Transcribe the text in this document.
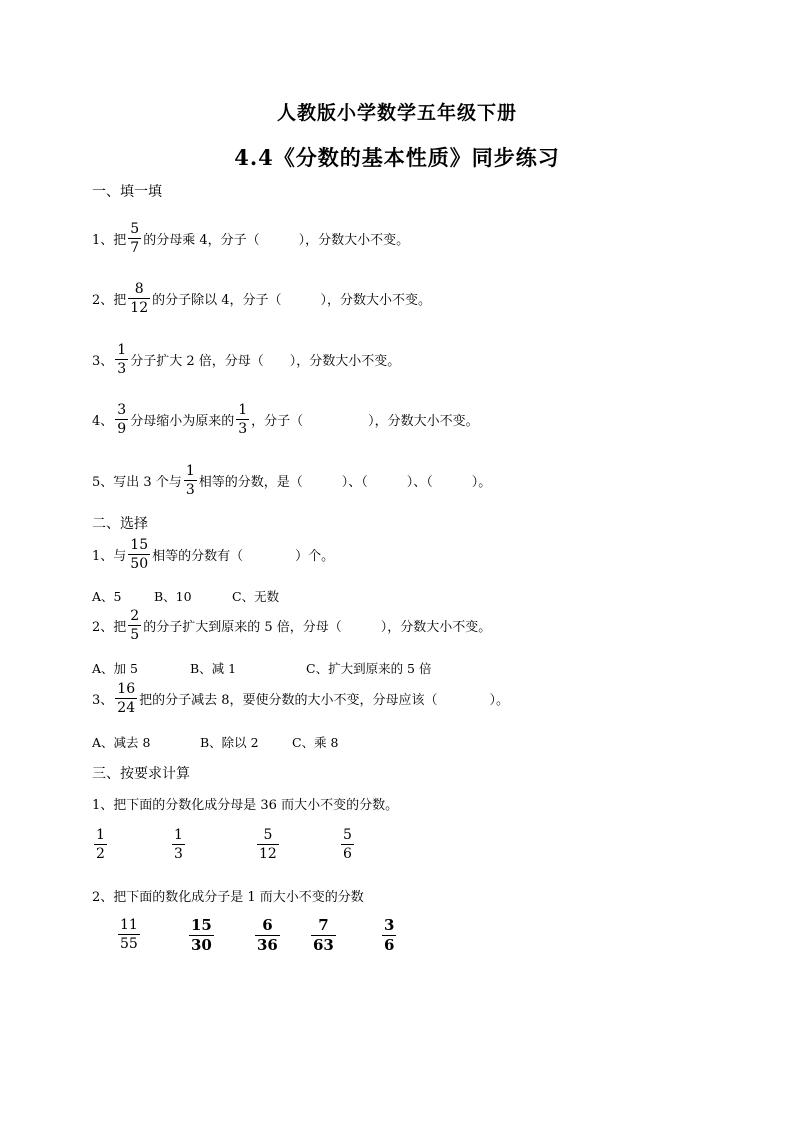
人教版小学数学五年级下册
4.4《分数的基本性质》同步练习
一、填一填
1、把 $\frac{5}{7}$ 的分母乘 4，分子（　　　），分数大小不变。
2、把 $\frac{8}{12}$ 的分子除以 4，分子（　　　），分数大小不变。
3、 $\frac{1}{3}$ 分子扩大 2 倍，分母（　　），分数大小不变。
4、 $\frac{3}{9}$ 分母缩小为原来的 $\frac{1}{3}$ ，分子（　　　　　），分数大小不变。
5、写出 3 个与 $\frac{1}{3}$ 相等的分数，是（　　　）、（　　　）、（　　　）。
二、选择
1、与 $\frac{15}{50}$ 相等的分数有（　　　　）个。
A、5	B、10	C、无数
2、把 $\frac{2}{5}$ 的分子扩大到原来的 5 倍，分母（　　　），分数大小不变。
A、加 5	B、减 1	C、扩大到原来的 5 倍
3、 $\frac{16}{24}$ 把的分子减去 8，要使分数的大小不变，分母应该（　　　　）。
A、减去 8	B、除以 2	C、乘 8
三、按要求计算
1、把下面的分数化成分母是 36 而大小不变的分数。
$\frac{1}{2}$	$\frac{1}{3}$	$\frac{5}{12}$	$\frac{5}{6}$
2、把下面的数化成分子是 1 而大小不变的分数
$\frac{11}{55}$	$\frac{15}{30}$	$\frac{6}{36} \frac{7}{63}$	$\frac{3}{6}$
